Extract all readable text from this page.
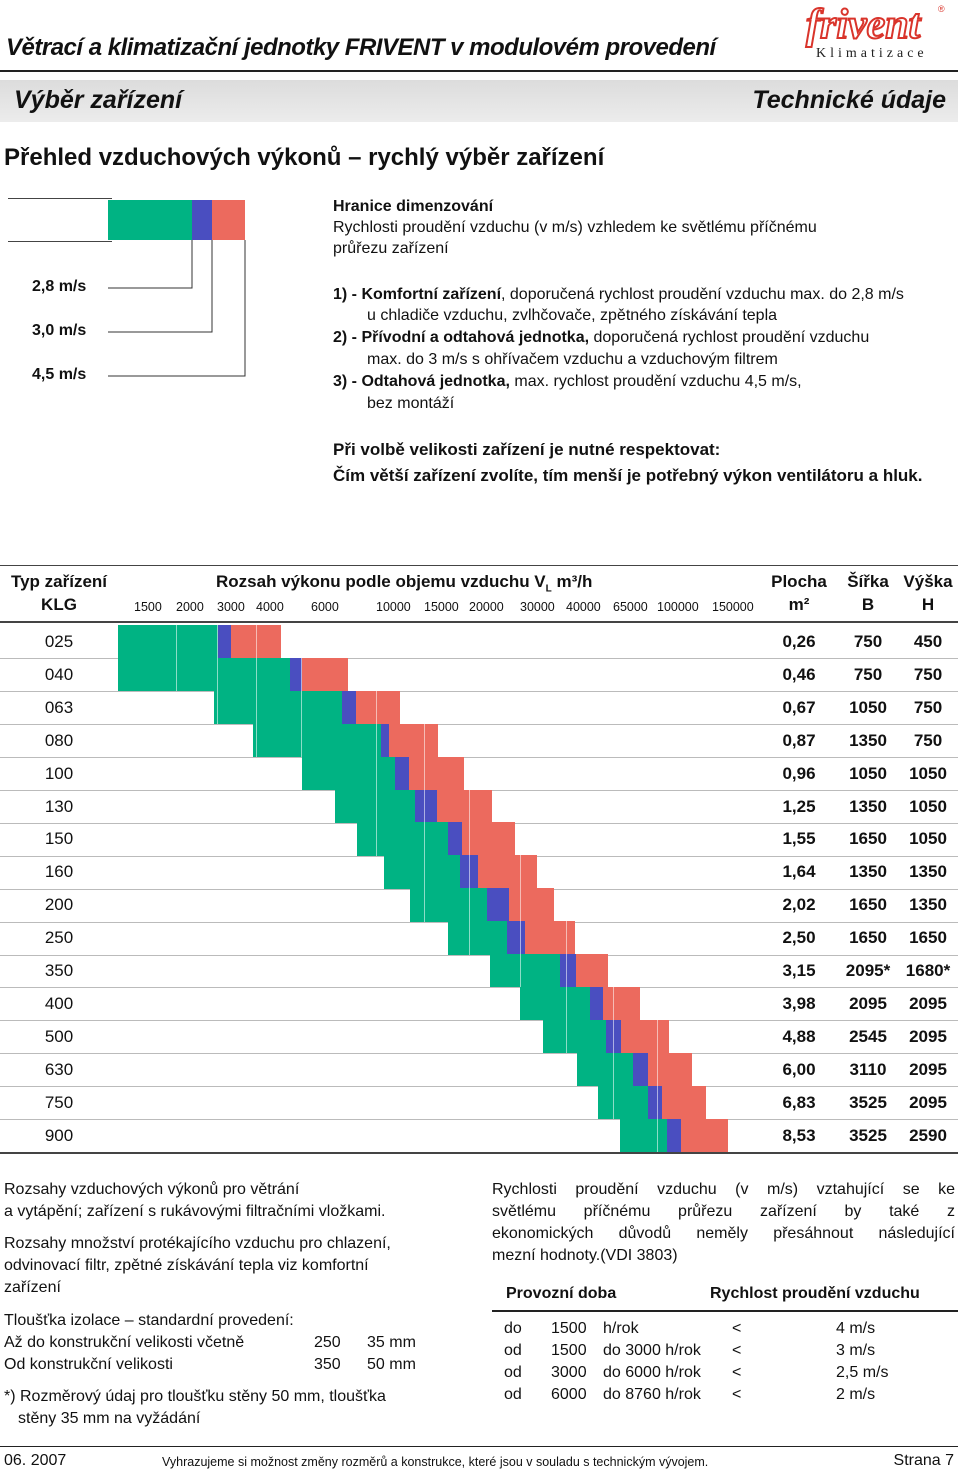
frivent ®
Klimatizace
Větrací a klimatizační jednotky FRIVENT v modulovém provedení
Výběr zařízení	Technické údaje
Přehled vzduchových výkonů – rychlý výběr zařízení
2,8 m/s
3,0 m/s
4,5 m/s
Hranice dimenzování
Rychlosti proudění vzduchu (v m/s) vzhledem ke světlému příčnému
průřezu zařízení
1) - Komfortní zařízení, doporučená rychlost proudění vzduchu max. do 2,8 m/s
u chladiče vzduchu, zvlhčovače, zpětného získávání tepla
2) - Přívodní a odtahová jednotka, doporučená rychlost proudění vzduchu
max. do 3 m/s s ohřívačem vzduchu a vzduchovým filtrem
3) - Odtahová jednotka, max. rychlost proudění vzduchu 4,5 m/s,
bez montáží
Při volbě velikosti zařízení je nutné respektovat:
Čím větší zařízení zvolíte, tím menší je potřebný výkon ventilátoru a hluk.
Typ zařízení
KLG
Rozsah výkonu podle objemu vzduchu $V_L$ m³/h	Plocha
m²
Šířka
B
Výška
H
1500 2000 3000 4000 6000	10000 15000 20000 30000 40000 65000 100000 150000
025	0,26	750	450
040	0,46	750	750
063	0,67	1050	750
080	0,87	1350	750
100	0,96	1050	1050
130	1,25	1350	1050
150	1,55	1650	1050
160	1,64	1350	1350
200	2,02	1650	1350
250	2,50	1650	1650
350	3,15	2095* 1680*
400	3,98	2095	2095
500	4,88	2545	2095
630	6,00	3110	2095
750	6,83	3525	2095
900	8,53	3525	2590
Rozsahy vzduchových výkonů pro větrání
a vytápění; zařízení s rukávovými filtračními vložkami.
Rozsahy množství protékajícího vzduchu pro chlazení,
odvinovací filtr, zpětné získávání tepla viz komfortní
zařízení
Tloušťka izolace – standardní provedení:
Až do konstrukční velikosti včetně	250 35 mm
Od konstrukční velikosti	350 50 mm
*) Rozměrový údaj pro tloušťku stěny 50 mm, tloušťka
stěny 35 mm na vyžádání
Rychlosti proudění vzduchu (v m/s) vztahující se ke
světlému příčnému průřezu zařízení by také z
ekonomických důvodů neměly přesáhnout následující
mezní hodnoty.(VDI 3803)
Provozní doba	Rychlost proudění vzduchu
do 1500 h/rok	<	4 m/s
od 1500 do 3000 h/rok <	3 m/s
od 3000 do 6000 h/rok <	2,5 m/s
od 6000 do 8760 h/rok <	2 m/s
06. 2007	Vyhrazujeme si možnost změny rozměrů a konstrukce, které jsou v souladu s technickým vývojem.	Strana 7
